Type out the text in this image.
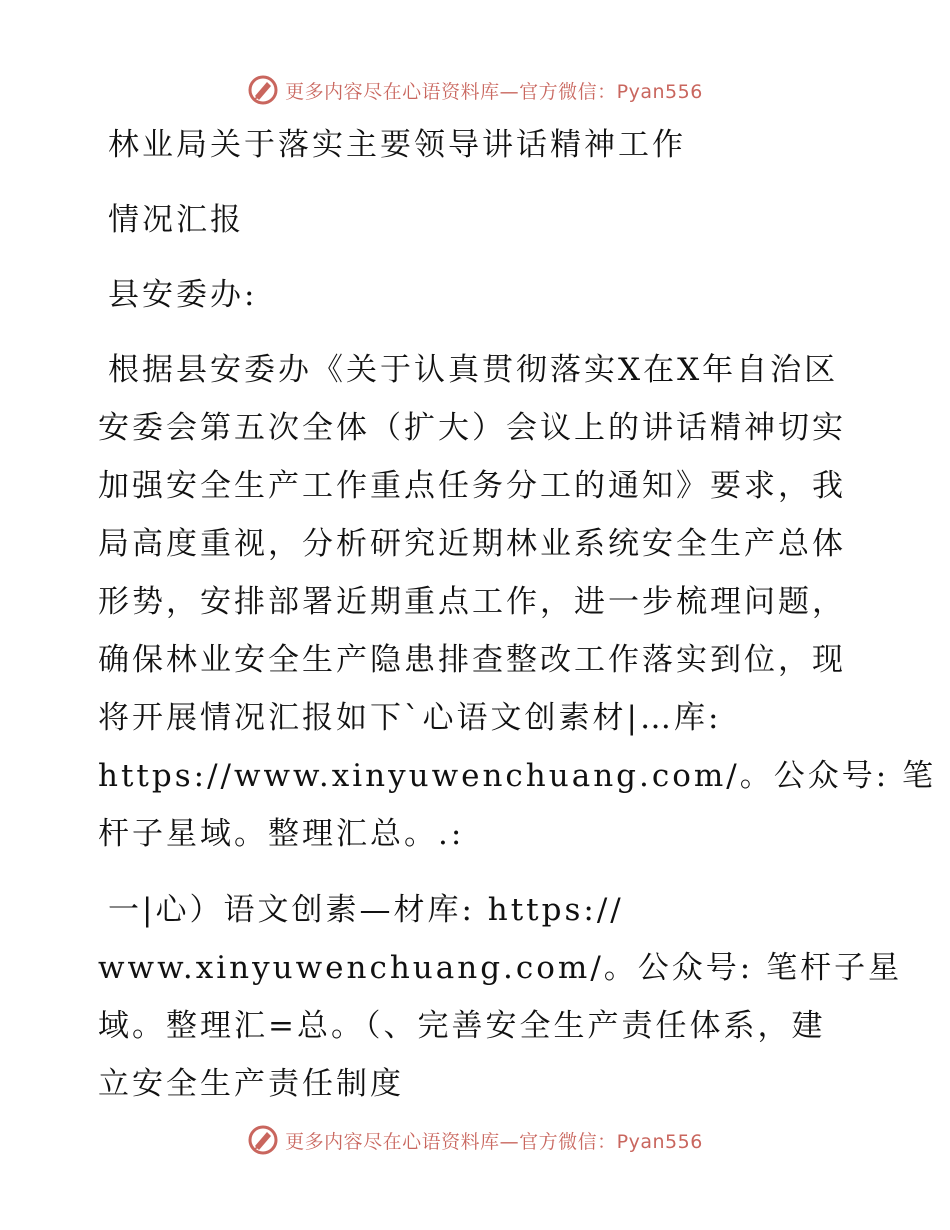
更多内容尽在心语资料库—官方微信：Pyan556
林业局关于落实主要领导讲话精神工作
情况汇报
县安委办:
根据县安委办《关于认真贯彻落实X在X年自治区
安委会第五次全体（扩大）会议上的讲话精神切实
加强安全生产工作重点任务分工的通知》要求，我
局高度重视，分析研究近期林业系统安全生产总体
形势，安排部署近期重点工作，进一步梳理问题，
确保林业安全生产隐患排查整改工作落实到位，现
将开展情况汇报如下`心语文创素材|…库:
https://www.xinyuwenchuang.com/。公众号: 笔
杆子星域。整理汇总。.:
一|心）语文创素—材库: https://
www.xinyuwenchuang.com/。公众号: 笔杆子星
域。整理汇=总。（、完善安全生产责任体系，建
立安全生产责任制度
更多内容尽在心语资料库—官方微信：Pyan556
